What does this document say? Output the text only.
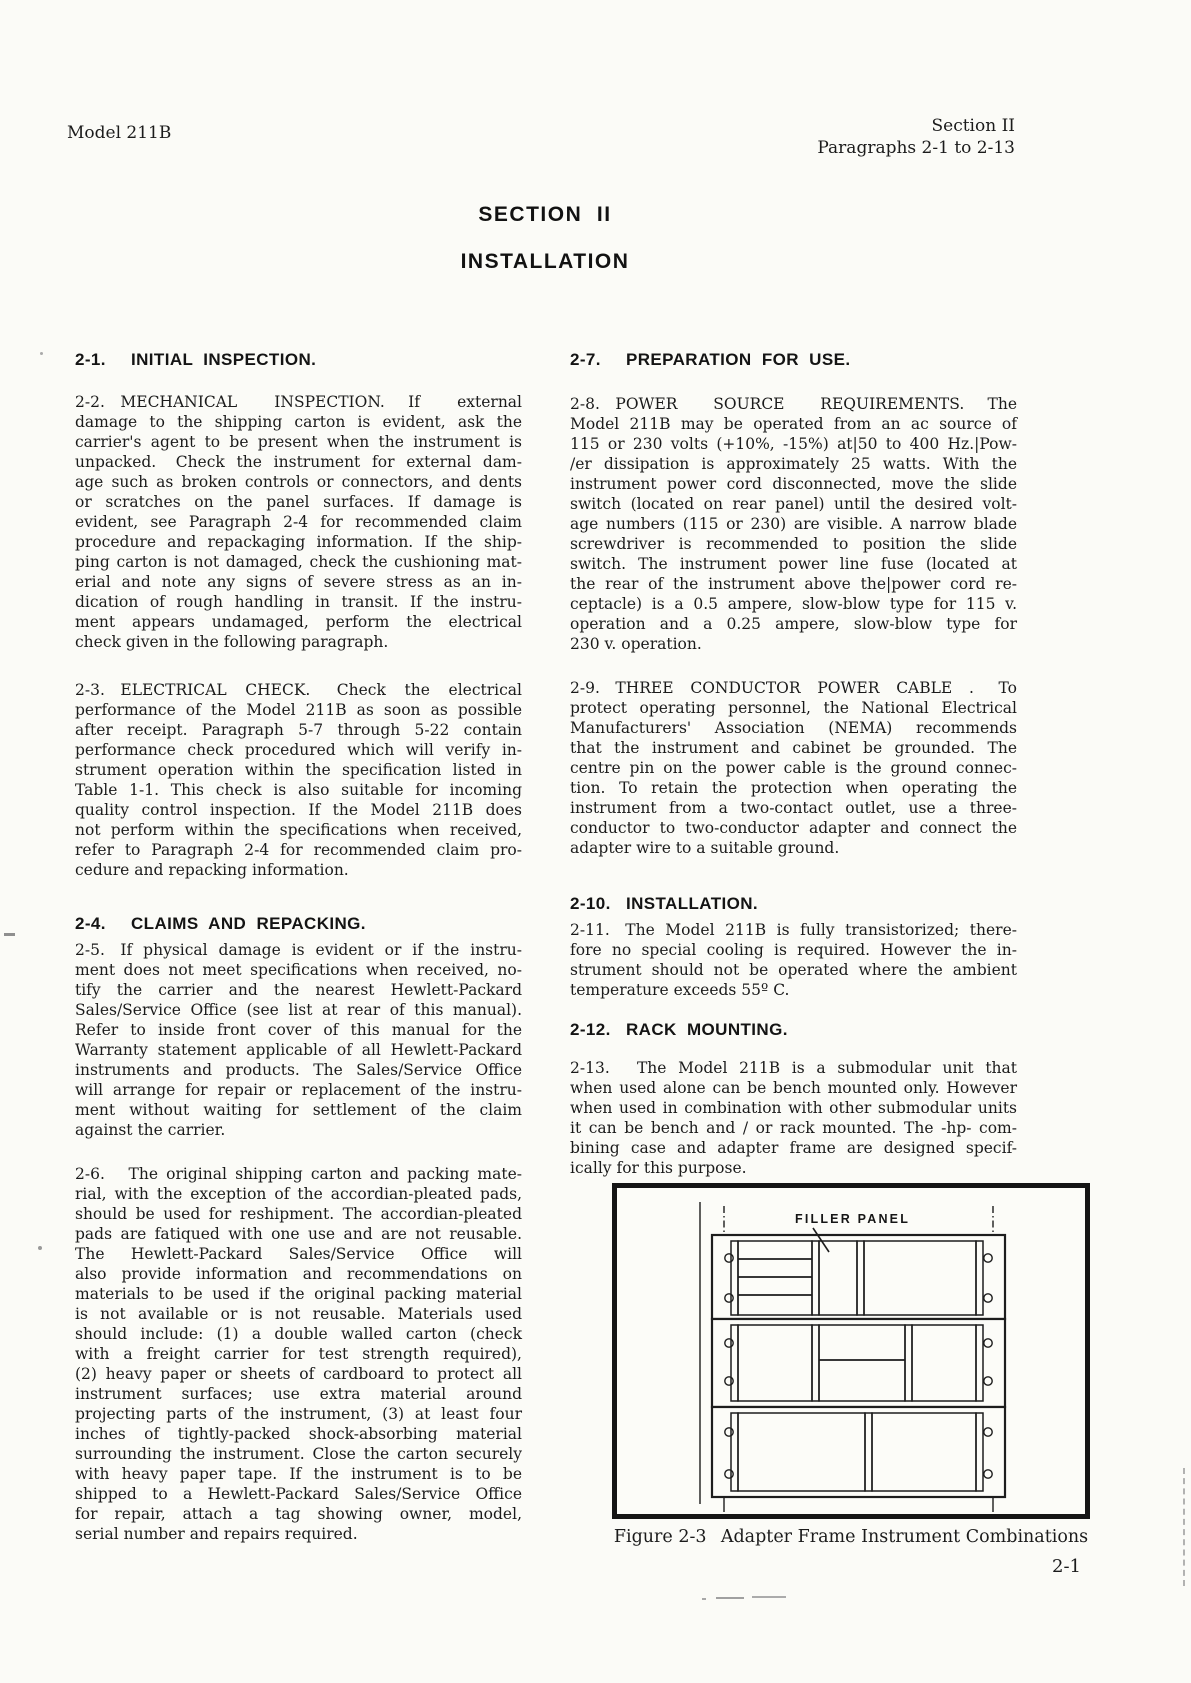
Model 211B	Section II
Paragraphs 2-1 to 2-13
SECTION  II
INSTALLATION
2-1. INITIAL  INSPECTION.
2-2. MECHANICAL INSPECTION.  If external
damage to the shipping carton is evident, ask the
carrier's agent to be present when the instrument is
unpacked.  Check the instrument for external dam-
age such as broken controls or connectors, and dents
or scratches on the panel surfaces. If damage is
evident, see Paragraph 2-4 for recommended claim
procedure and repackaging information. If the ship-
ping carton is not damaged, check the cushioning mat-
erial and note any signs of severe stress as an in-
dication of rough handling in transit. If the instru-
ment appears undamaged, perform the electrical
check given in the following paragraph.
2-3. ELECTRICAL CHECK.  Check the electrical
performance of the Model 211B as soon as possible
after receipt. Paragraph 5-7 through 5-22 contain
performance check procedured which will verify in-
strument operation within the specification listed in
Table 1-1. This check is also suitable for incoming
quality control inspection. If the Model 211B does
not perform within the specifications when received,
refer to Paragraph 2-4 for recommended claim pro-
cedure and repacking information.
2-4. CLAIMS  AND  REPACKING.
2-5. If physical damage is evident or if the instru-
ment does not meet specifications when received, no-
tify the carrier and the nearest Hewlett-Packard
Sales/Service Office (see list at rear of this manual).
Refer to inside front cover of this manual for the
Warranty statement applicable of all Hewlett-Packard
instruments and products. The Sales/Service Office
will arrange for repair or replacement of the instru-
ment without waiting for settlement of the claim
against the carrier.
2-6.  The original shipping carton and packing mate-
rial, with the exception of the accordian-pleated pads,
should be used for reshipment. The accordian-pleated
pads are fatiqued with one use and are not reusable.
The Hewlett-Packard Sales/Service Office will
also provide information and recommendations on
materials to be used if the original packing material
is not available or is not reusable. Materials used
should include: (1) a double walled carton (check
with a freight carrier for test strength required),
(2) heavy paper or sheets of cardboard to protect all
instrument surfaces; use extra material around
projecting parts of the instrument, (3) at least four
inches of tightly-packed shock-absorbing material
surrounding the instrument. Close the carton securely
with heavy paper tape. If the instrument is to be
shipped to a Hewlett-Packard Sales/Service Office
for repair, attach a tag showing owner, model,
serial number and repairs required.
2-7. PREPARATION  FOR  USE.
2-8. POWER SOURCE REQUIREMENTS.  The
Model 211B may be operated from an ac source of
115 or 230 volts (+10%, -15%) at|50 to 400 Hz.|Pow-
/er dissipation is approximately 25 watts. With the
instrument power cord disconnected, move the slide
switch (located on rear panel) until the desired volt-
age numbers (115 or 230) are visible. A narrow blade
screwdriver is recommended to position the slide
switch. The instrument power line fuse (located at
the rear of the instrument above the|power cord re-
ceptacle) is a 0.5 ampere, slow-blow type for 115 v.
operation and a 0.25 ampere, slow-blow type for
230 v. operation.
2-9. THREE CONDUCTOR POWER CABLE .  To
protect operating personnel, the National Electrical
Manufacturers' Association (NEMA) recommends
that the instrument and cabinet be grounded. The
centre pin on the power cable is the ground connec-
tion. To retain the protection when operating the
instrument from a two-contact outlet, use a three-
conductor to two-conductor adapter and connect the
adapter wire to a suitable ground.
2-10. INSTALLATION.
2-11. The Model 211B is fully transistorized; there-
fore no special cooling is required. However the in-
strument should not be operated where the ambient
temperature exceeds 55º C.
2-12. RACK  MOUNTING.
2-13.  The Model 211B is a submodular unit that
when used alone can be bench mounted only. However
when used in combination with other submodular units
it can be bench and / or rack mounted. The -hp- com-
bining case and adapter frame are designed specif-
ically for this purpose.
FILLER PANEL
Figure 2-3  Adapter Frame Instrument Combinations
2-1
